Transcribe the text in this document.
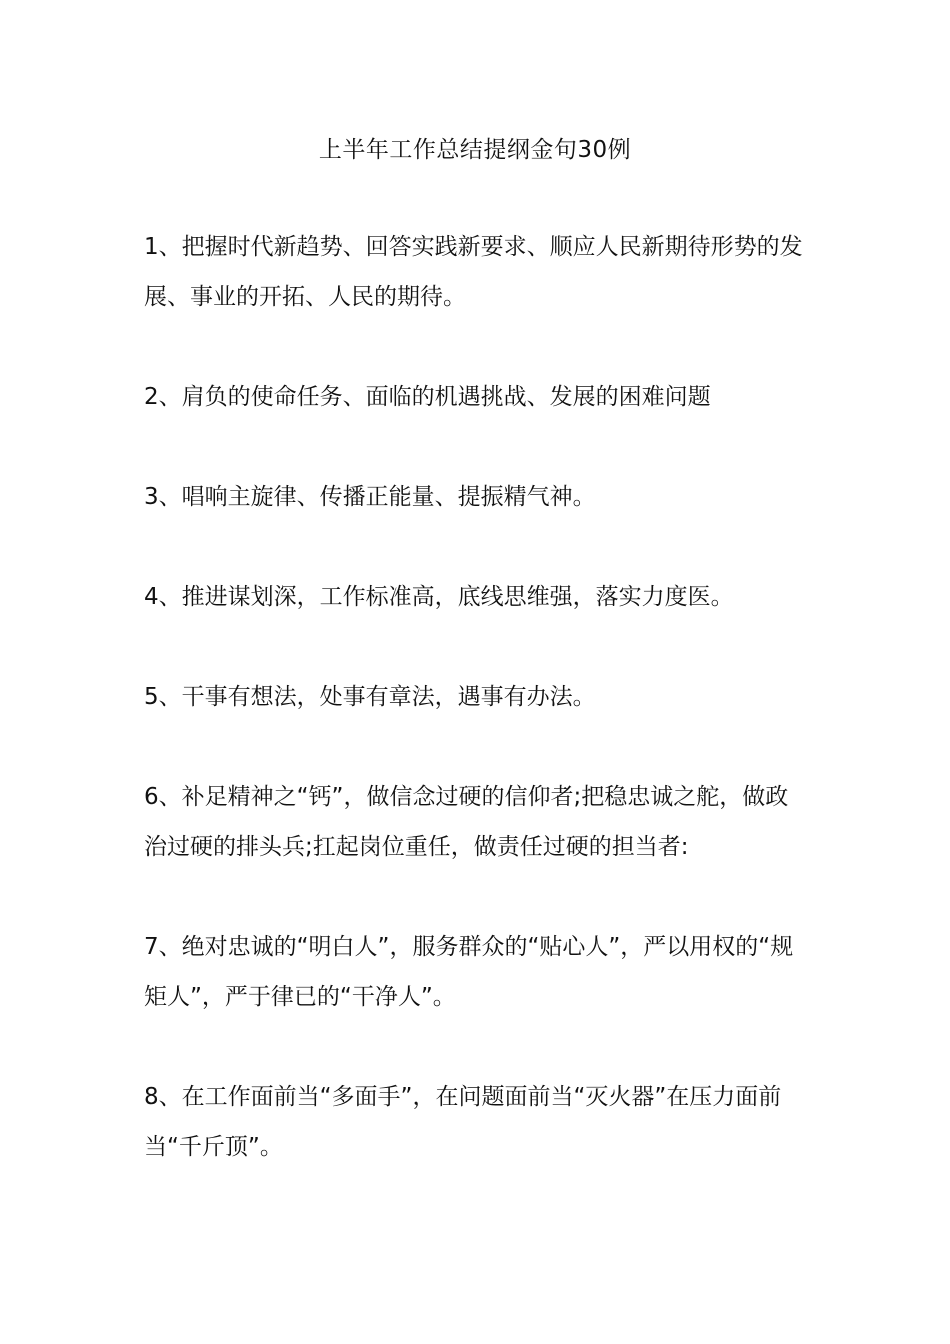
上半年工作总结提纲金句30例

1、把握时代新趋势、回答实践新要求、顺应人民新期待形势的发展、事业的开拓、人民的期待。

2、肩负的使命任务、面临的机遇挑战、发展的困难问题

3、唱响主旋律、传播正能量、提振精气神。

4、推进谋划深，工作标准高，底线思维强，落实力度医。

5、干事有想法，处事有章法，遇事有办法。

6、补足精神之“钙”，做信念过硬的信仰者;把稳忠诚之舵，做政治过硬的排头兵;扛起岗位重任，做责任过硬的担当者:

7、绝对忠诚的“明白人”，服务群众的“贴心人”，严以用权的“规矩人”，严于律已的“干净人”。

8、在工作面前当“多面手”，在问题面前当“灭火器”在压力面前当“千斤顶”。
